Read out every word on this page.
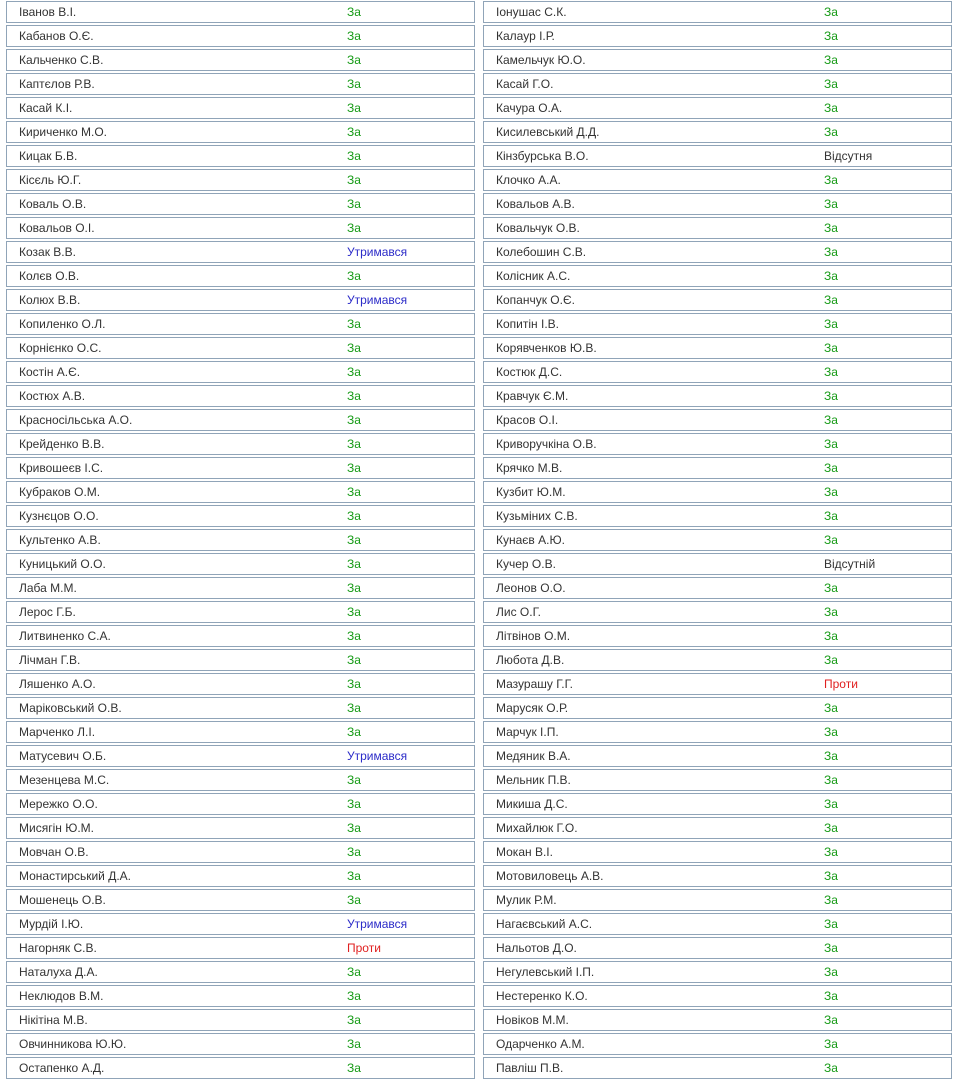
Іванов В.І.	За
Кабанов О.Є.	За
Кальченко С.В.	За
Каптєлов Р.В.	За
Касай К.І.	За
Кириченко М.О.	За
Кицак Б.В.	За
Кісєль Ю.Г.	За
Коваль О.В.	За
Ковальов О.І.	За
Козак В.В.	Утримався
Колєв О.В.	За
Колюх В.В.	Утримався
Копиленко О.Л.	За
Корнієнко О.С.	За
Костін А.Є.	За
Костюх А.В.	За
Красносільська А.О.	За
Крейденко В.В.	За
Кривошеєв І.С.	За
Кубраков О.М.	За
Кузнєцов О.О.	За
Культенко А.В.	За
Куницький О.О.	За
Лаба М.М.	За
Лерос Г.Б.	За
Литвиненко С.А.	За
Лічман Г.В.	За
Ляшенко А.О.	За
Маріковський О.В.	За
Марченко Л.І.	За
Матусевич О.Б.	Утримався
Мезенцева М.С.	За
Мережко О.О.	За
Мисягін Ю.М.	За
Мовчан О.В.	За
Монастирський Д.А.	За
Мошенець О.В.	За
Мурдій І.Ю.	Утримався
Нагорняк С.В.	Проти
Наталуха Д.А.	За
Неклюдов В.М.	За
Нікітіна М.В.	За
Овчинникова Ю.Ю.	За
Остапенко А.Д.	За
Іонушас С.К.	За
Калаур І.Р.	За
Камельчук Ю.О.	За
Касай Г.О.	За
Качура О.А.	За
Кисилевський Д.Д.	За
Кінзбурська В.О.	Відсутня
Клочко А.А.	За
Ковальов А.В.	За
Ковальчук О.В.	За
Колебошин С.В.	За
Колісник А.С.	За
Копанчук О.Є.	За
Копитін І.В.	За
Корявченков Ю.В.	За
Костюк Д.С.	За
Кравчук Є.М.	За
Красов О.І.	За
Криворучкіна О.В.	За
Крячко М.В.	За
Кузбит Ю.М.	За
Кузьміних С.В.	За
Кунаєв А.Ю.	За
Кучер О.В.	Відсутній
Леонов О.О.	За
Лис О.Г.	За
Літвінов О.М.	За
Любота Д.В.	За
Мазурашу Г.Г.	Проти
Марусяк О.Р.	За
Марчук І.П.	За
Медяник В.А.	За
Мельник П.В.	За
Микиша Д.С.	За
Михайлюк Г.О.	За
Мокан В.І.	За
Мотовиловець А.В.	За
Мулик Р.М.	За
Нагаєвський А.С.	За
Нальотов Д.О.	За
Негулевський І.П.	За
Нестеренко К.О.	За
Новіков М.М.	За
Одарченко А.М.	За
Павліш П.В.	За
